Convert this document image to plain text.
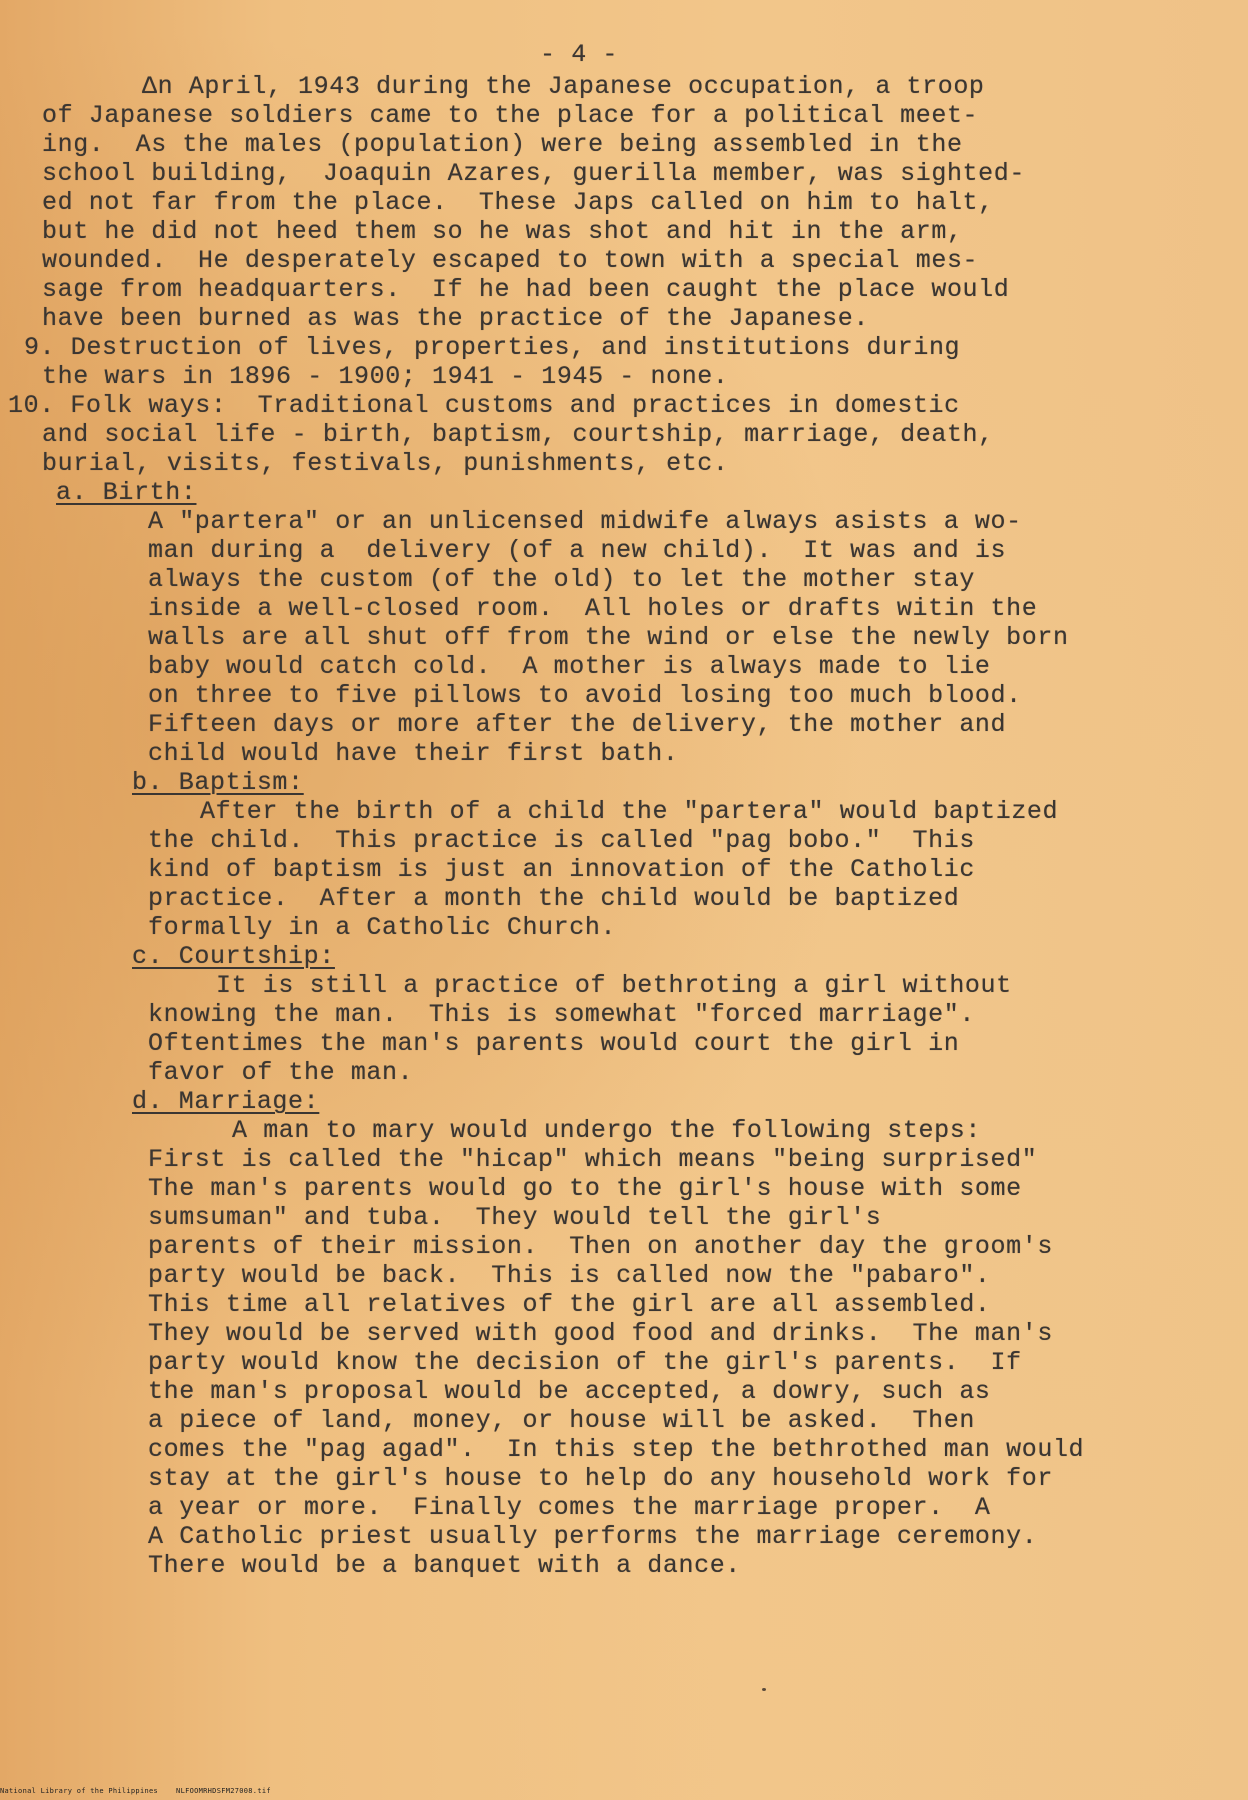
- 4 -
Δn April, 1943 during the Japanese occupation, a troop
of Japanese soldiers came to the place for a political meet-
ing.  As the males (population) were being assembled in the
school building,  Joaquin Azares, guerilla member, was sighted-
ed not far from the place.  These Japs called on him to halt,
but he did not heed them so he was shot and hit in the arm,
wounded.  He desperately escaped to town with a special mes-
sage from headquarters.  If he had been caught the place would
have been burned as was the practice of the Japanese.
9. Destruction of lives, properties, and institutions during
the wars in 1896 - 1900; 1941 - 1945 - none.
10. Folk ways:  Traditional customs and practices in domestic
and social life - birth, baptism, courtship, marriage, death,
burial, visits, festivals, punishments, etc.
a. Birth:
A "partera" or an unlicensed midwife always asists a wo-
man during a  delivery (of a new child).  It was and is
always the custom (of the old) to let the mother stay
inside a well-closed room.  All holes or drafts witin the
walls are all shut off from the wind or else the newly born
baby would catch cold.  A mother is always made to lie
on three to five pillows to avoid losing too much blood.
Fifteen days or more after the delivery, the mother and
child would have their first bath.
b. Baptism:
After the birth of a child the "partera" would baptized
the child.  This practice is called "pag bobo."  This
kind of baptism is just an innovation of the Catholic
practice.  After a month the child would be baptized
formally in a Catholic Church.
c. Courtship:
It is still a practice of bethroting a girl without
knowing the man.  This is somewhat "forced marriage".
Oftentimes the man's parents would court the girl in
favor of the man.
d. Marriage:
A man to mary would undergo the following steps:
First is called the "hicap" which means "being surprised"
The man's parents would go to the girl's house with some
sumsuman" and tuba.  They would tell the girl's
parents of their mission.  Then on another day the groom's
party would be back.  This is called now the "pabaro".
This time all relatives of the girl are all assembled.
They would be served with good food and drinks.  The man's
party would know the decision of the girl's parents.  If
the man's proposal would be accepted, a dowry, such as
a piece of land, money, or house will be asked.  Then
comes the "pag agad".  In this step the bethrothed man would
stay at the girl's house to help do any household work for
a year or more.  Finally comes the marriage proper.  A
A Catholic priest usually performs the marriage ceremony.
There would be a banquet with a dance.
National Library of the Philippines    NLFOOMRHDSFM27008.tif
